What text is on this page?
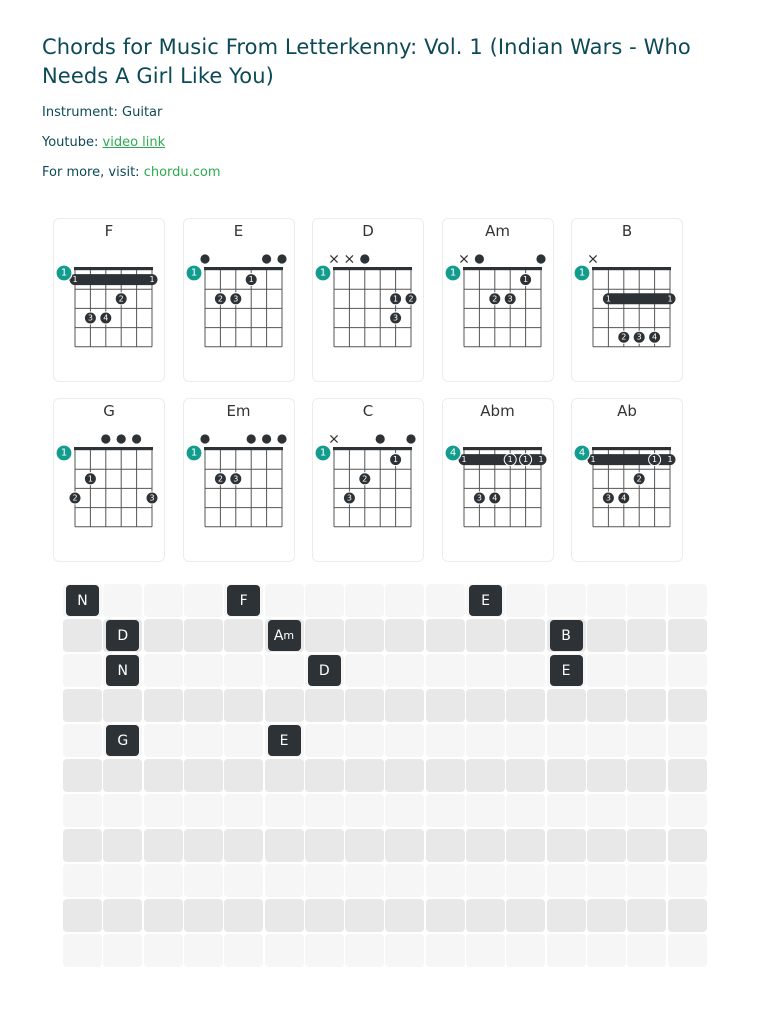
Chords for Music From Letterkenny: Vol. 1 (Indian Wars - Who Needs A Girl Like You)
Instrument: Guitar
Youtube: video link
For more, visit: chordu.com
F
1	1
2
3 4
1
E
1
2 3
1
D
1 2
3
1
Am
1
2 3
1
B
1	1
2 3 4
1
G
1
2	3
1
Em
2 3
1
C
1
2
3
1
Abm
1	1
1 1
3 4
4
Ab
1	1
1
2
3 4
4
N	F	E
D	A m	B
N	D	E
G	E
